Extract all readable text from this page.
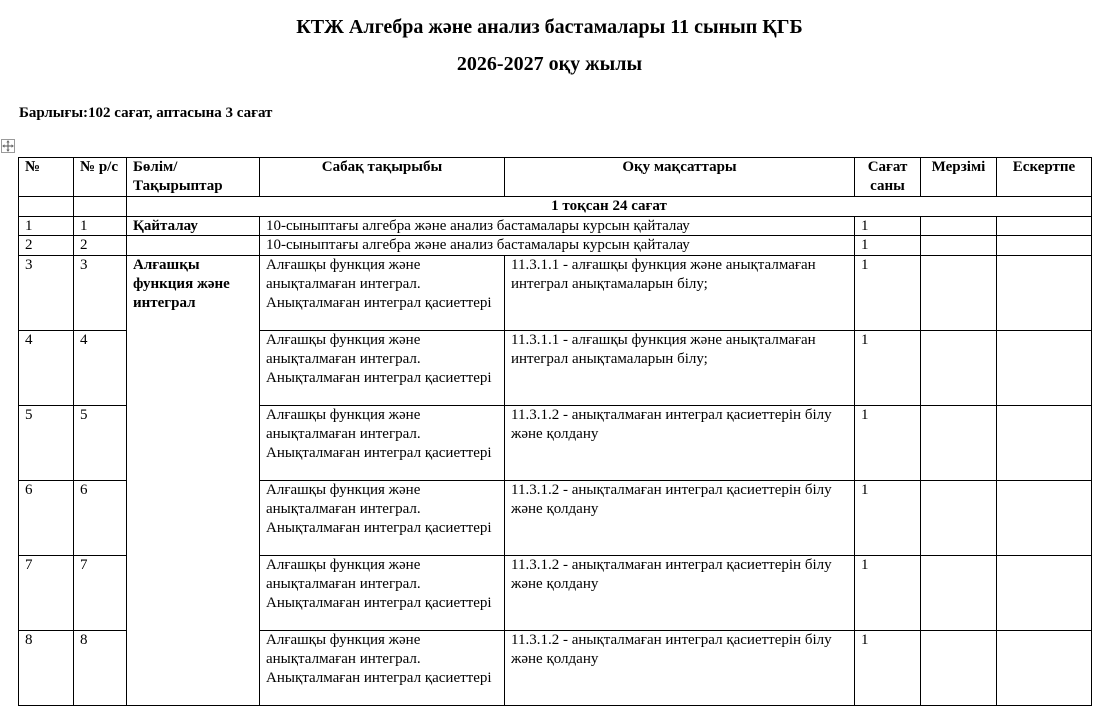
КТЖ Алгебра және анализ бастамалары 11 сынып ҚГБ
2026-2027 оқу жылы
Барлығы:102 сағат, аптасына 3 сағат
№	№ р/с	Бөлім/ Тақырыптар	Сабақ тақырыбы	Оқу мақсаттары	Сағат саны	Мерзімі	Ескертпе
		1 тоқсан 24 сағат					
1	1	Қайталау	10-сыныптағы алгебра және анализ бастамалары курсын қайталау		1		
2	2		10-сыныптағы алгебра және анализ бастамалары курсын қайталау		1		
3	3	Алғашқы функция және интеграл	Алғашқы функция және анықталмаған интеграл. Анықталмаған интеграл қасиеттері	11.3.1.1 - алғашқы функция және анықталмаған интеграл анықтамаларын білу;	1		
4	4		Алғашқы функция және анықталмаған интеграл. Анықталмаған интеграл қасиеттері	11.3.1.1 - алғашқы функция және анықталмаған интеграл анықтамаларын білу;	1		
5	5		Алғашқы функция және анықталмаған интеграл. Анықталмаған интеграл қасиеттері	11.3.1.2 - анықталмаған интеграл қасиеттерін білу және қолдану	1		
6	6		Алғашқы функция және анықталмаған интеграл. Анықталмаған интеграл қасиеттері	11.3.1.2 - анықталмаған интеграл қасиеттерін білу және қолдану	1		
7	7		Алғашқы функция және анықталмаған интеграл. Анықталмаған интеграл қасиеттері	11.3.1.2 - анықталмаған интеграл қасиеттерін білу және қолдану	1		
8	8		Алғашқы функция және анықталмаған интеграл. Анықталмаған интеграл қасиеттері	11.3.1.2 - анықталмаған интеграл қасиеттерін білу және қолдану	1		
